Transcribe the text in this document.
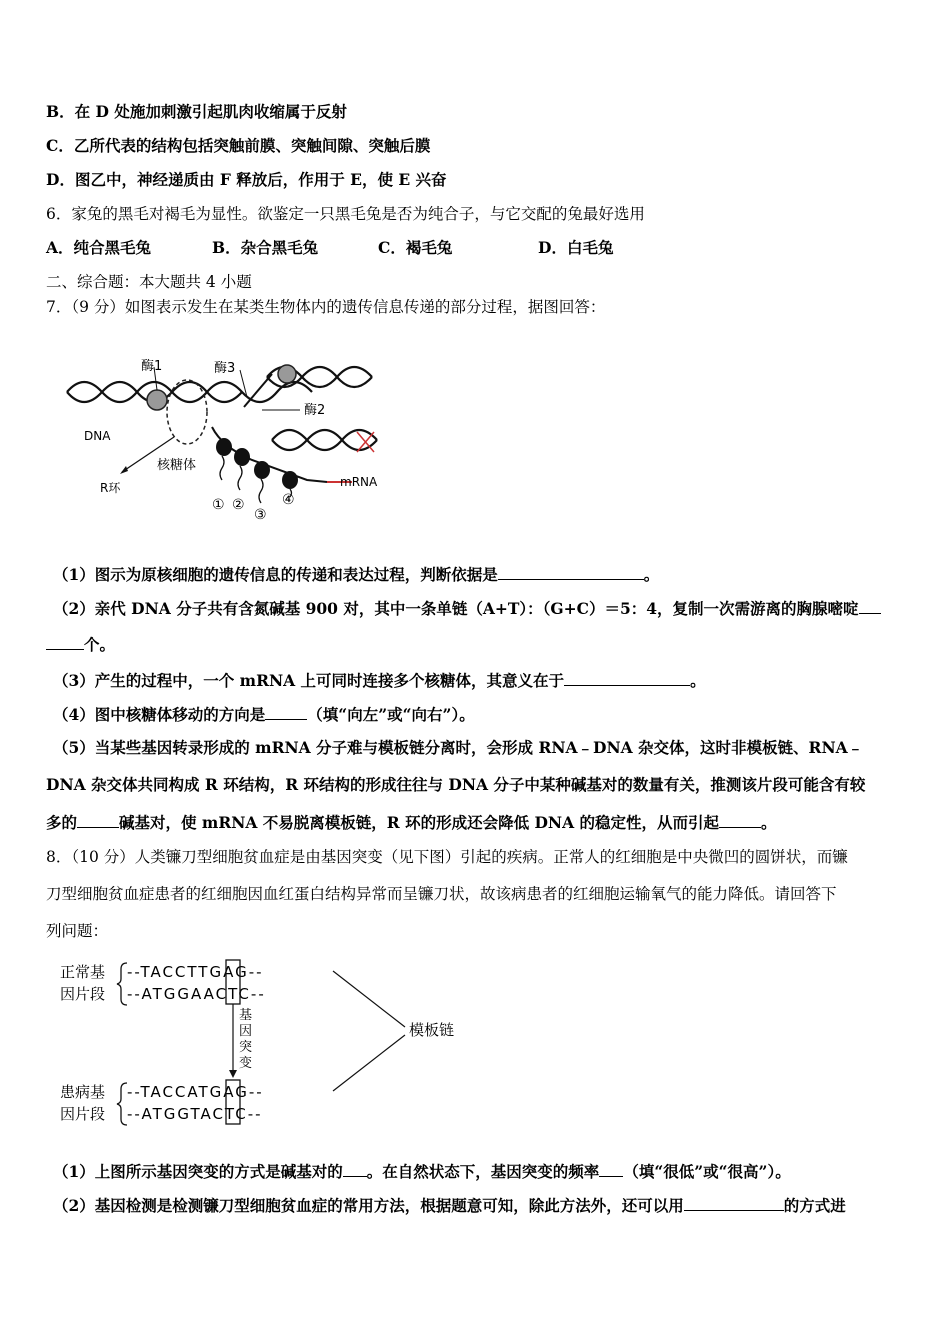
B．在 D 处施加刺激引起肌肉收缩属于反射
C．乙所代表的结构包括突触前膜、突触间隙、突触后膜
D．图乙中，神经递质由 F 释放后，作用于 E，使 E 兴奋
6．家兔的黑毛对褐毛为显性。欲鉴定一只黑毛兔是否为纯合子，与它交配的兔最好选用
A．纯合黑毛兔	B．杂合黑毛兔	C．褐毛兔	D．白毛兔
二、综合题：本大题共 4 小题
7．（9 分）如图表示发生在某类生物体内的遗传信息传递的部分过程，据图回答：
酶1	酶3
酶2
DNA
核糖体
R环	mRNA
① ②
③
④
（1）图示为原核细胞的遗传信息的传递和表达过程，判断依据是	。
（2）亲代 DNA 分子共有含氮碱基 900 对，其中一条单链（A+T）：（G+C）＝5：4，复制一次需游离的胸腺嘧啶
个。
（3）产生的过程中，一个 mRNA 上可同时连接多个核糖体，其意义在于	。
（4）图中核糖体移动的方向是	（填“向左”或“向右”）。
（5）当某些基因转录形成的 mRNA 分子难与模板链分离时，会形成 RNA﹣DNA 杂交体，这时非模板链、RNA﹣
DNA 杂交体共同构成 R 环结构，R 环结构的形成往往与 DNA 分子中某种碱基对的数量有关，推测该片段可能含有较
多的	碱基对，使 mRNA 不易脱离模板链，R 环的形成还会降低 DNA 的稳定性，从而引起	。
8．（10 分）人类镰刀型细胞贫血症是由基因突变（见下图）引起的疾病。正常人的红细胞是中央微凹的圆饼状，而镰
刀型细胞贫血症患者的红细胞因血红蛋白结构异常而呈镰刀状，故该病患者的红细胞运输氧气的能力降低。请回答下
列问题：
正常基
因片段
患病基
因片段
--TACCTTGAG--
--ATGGAACTC--
--TACCATGAG--
--ATGGTACTC--
基
因
突
变
模板链
（1）上图所示基因突变的方式是碱基对的 。在自然状态下，基因突变的频率 （填“很低”或“很高”）。
（2）基因检测是检测镰刀型细胞贫血症的常用方法，根据题意可知，除此方法外，还可以用	的方式进
